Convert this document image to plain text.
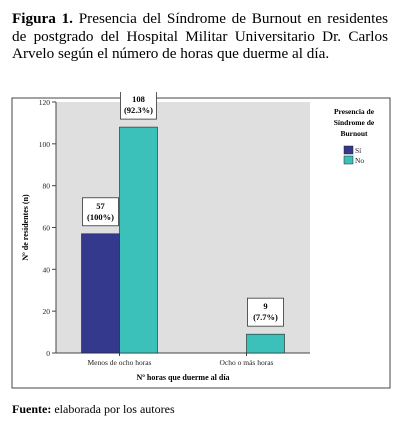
Figura 1. Presencia del Síndrome de Burnout en residentes de postgrado del Hospital Militar Universitario Dr. Carlos Arvelo según el número de horas que duerme al día.
0
20
40
60
80
100
120
Nº de residentes (n)
Menos de ocho horas
57
(100%)
108
(92.3%)
Ocho o más horas
9
(7.7%)
Nº horas que duerme al día
Presencia de
Síndrome de
Burnout
Sí
No
Fuente: elaborada por los autores
